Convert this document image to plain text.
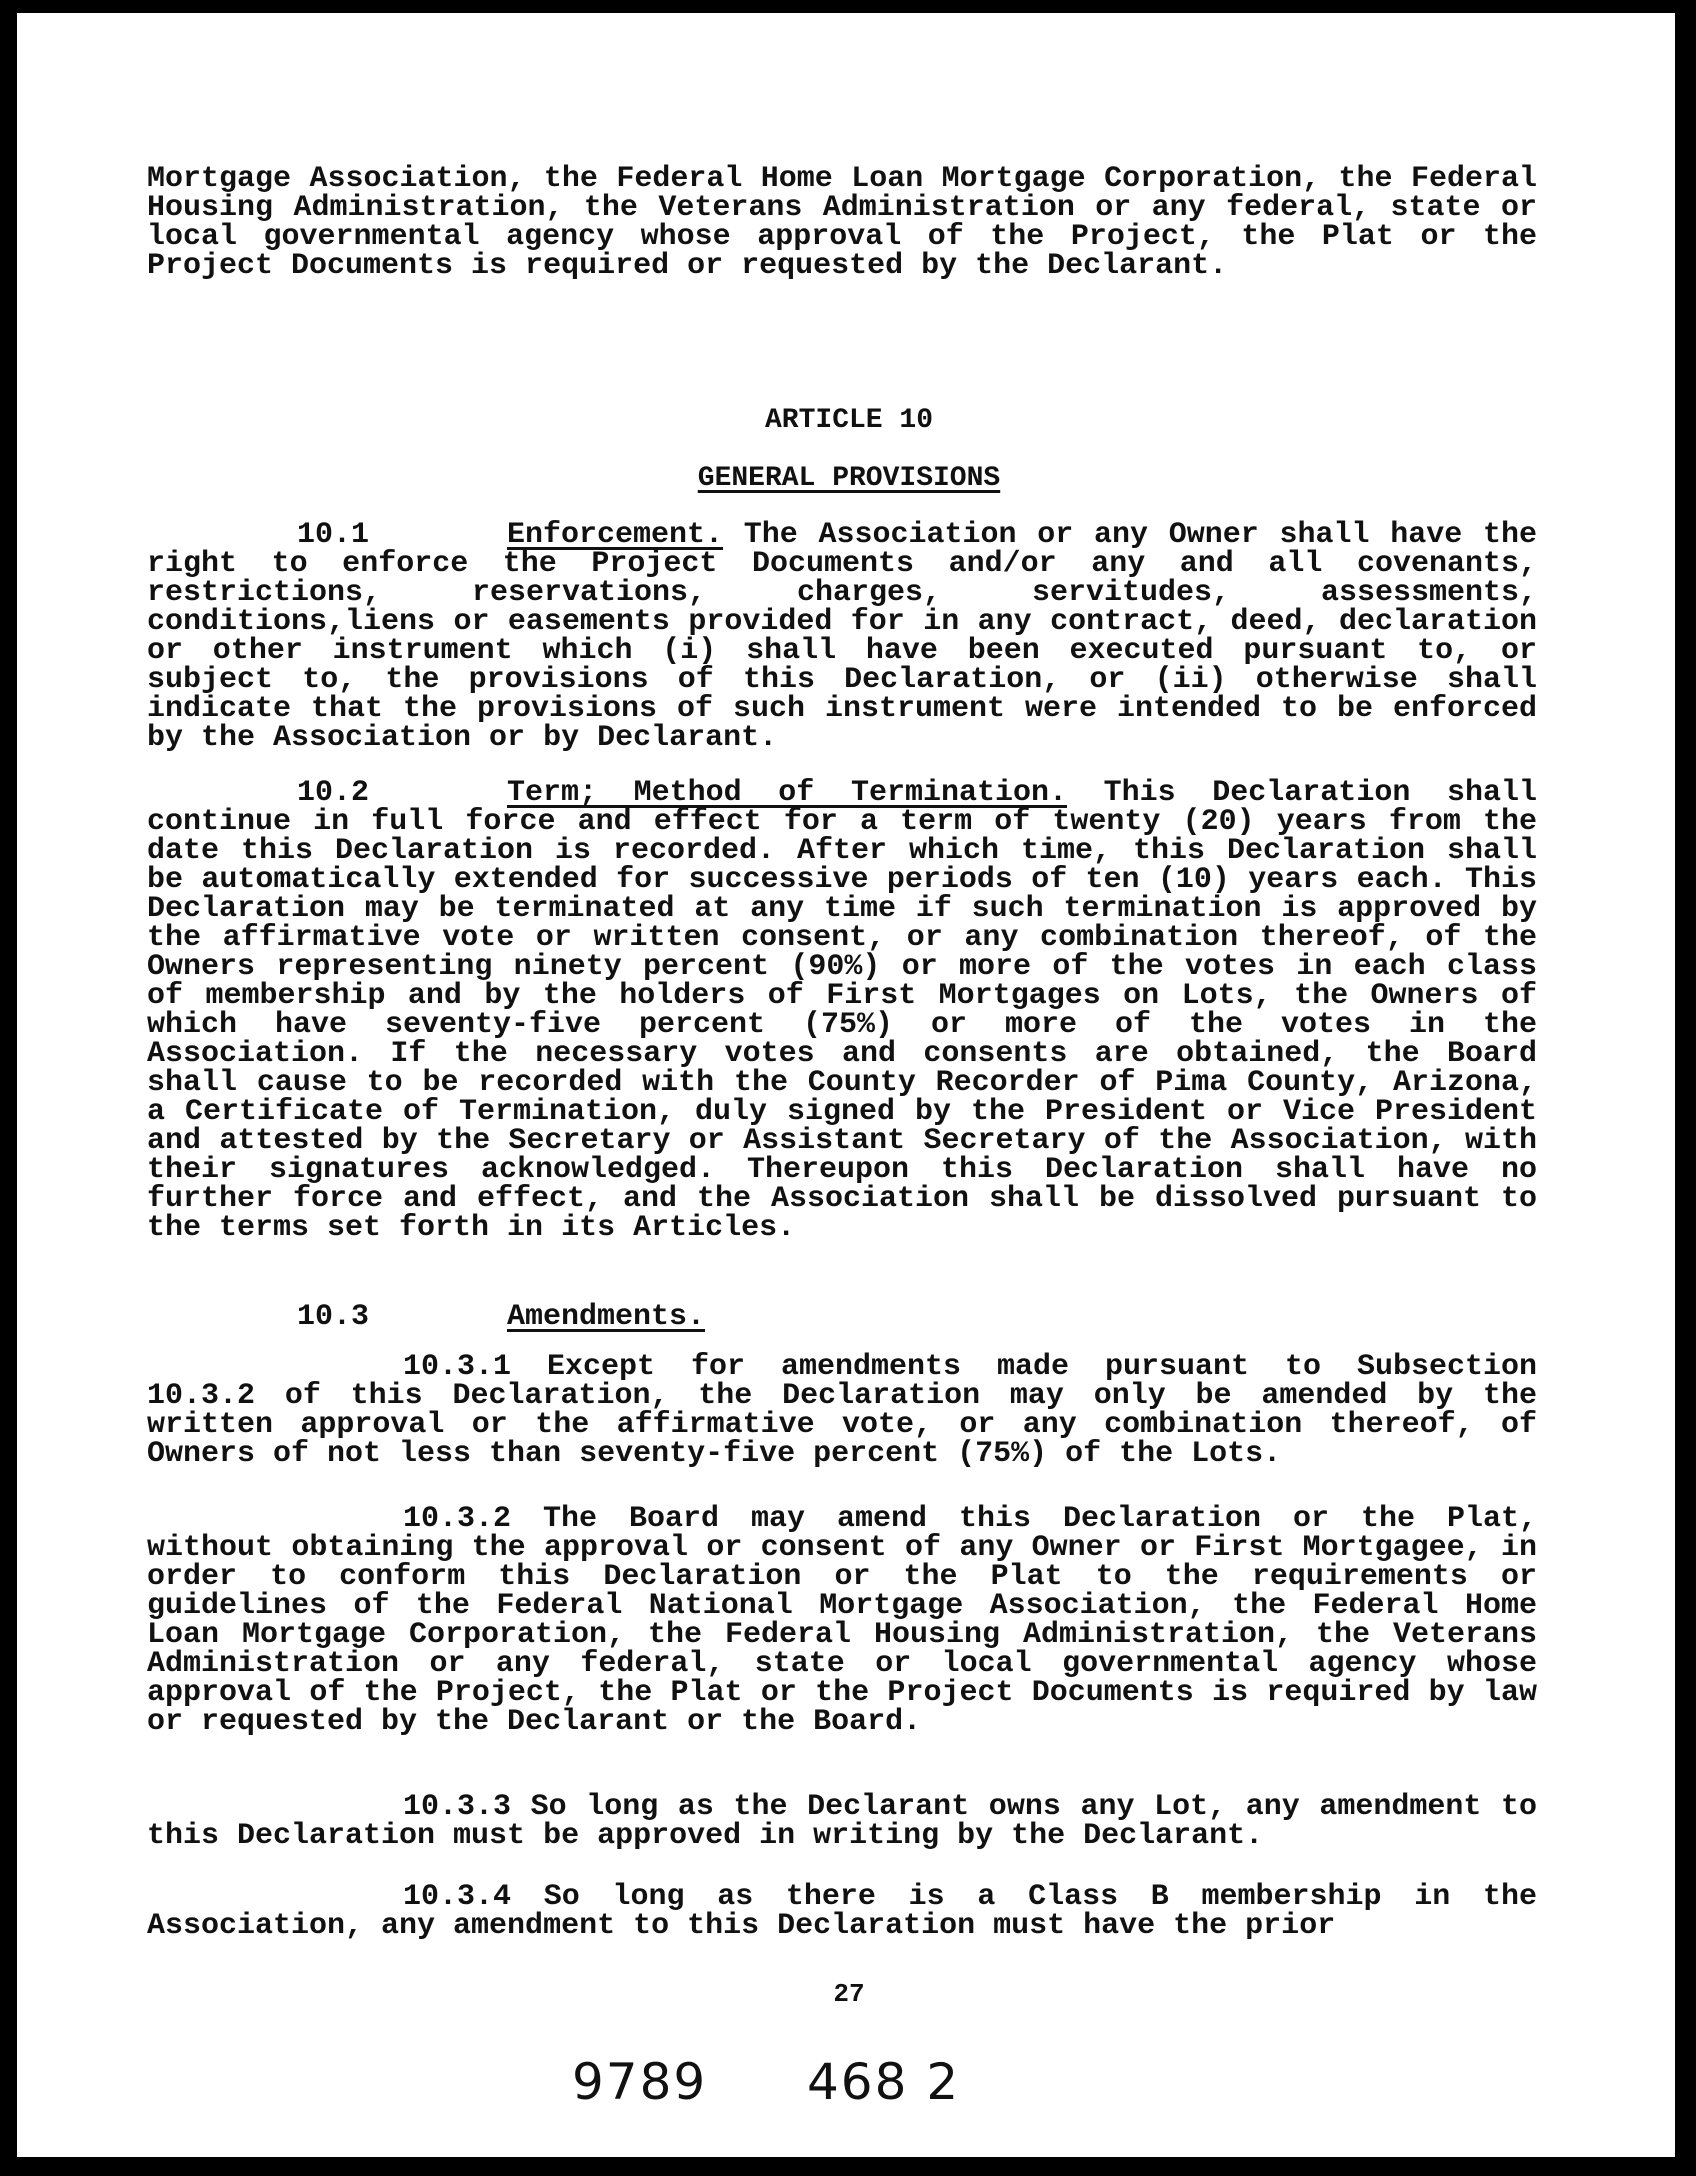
Mortgage Association, the Federal Home Loan Mortgage Corporation, the Federal Housing Administration, the Veterans Administration or any federal, state or local governmental agency whose approval of the Project, the Plat or the Project Documents is required or requested by the Declarant.

ARTICLE 10
GENERAL PROVISIONS

10.1	Enforcement. The Association or any Owner shall have the right to enforce the Project Documents and/or any and all covenants, restrictions, reservations, charges, servitudes, assessments, conditions,liens or easements provided for in any contract, deed, declaration or other instrument which (i) shall have been executed pursuant to, or subject to, the provisions of this Declaration, or (ii) otherwise shall indicate that the provisions of such instrument were intended to be enforced by the Association or by Declarant.

10.2	Term; Method of Termination. This Declaration shall continue in full force and effect for a term of twenty (20) years from the date this Declaration is recorded. After which time, this Declaration shall be automatically extended for successive periods of ten (10) years each. This Declaration may be terminated at any time if such termination is approved by the affirmative vote or written consent, or any combination thereof, of the Owners representing ninety percent (90%) or more of the votes in each class of membership and by the holders of First Mortgages on Lots, the Owners of which have seventy-five percent (75%) or more of the votes in the Association. If the necessary votes and consents are obtained, the Board shall cause to be recorded with the County Recorder of Pima County, Arizona, a Certificate of Termination, duly signed by the President or Vice President and attested by the Secretary or Assistant Secretary of the Association, with their signatures acknowledged. Thereupon this Declaration shall have no further force and effect, and the Association shall be dissolved pursuant to the terms set forth in its Articles.

10.3	Amendments.

10.3.1 Except for amendments made pursuant to Subsection 10.3.2 of this Declaration, the Declaration may only be amended by the written approval or the affirmative vote, or any combination thereof, of Owners of not less than seventy-five percent (75%) of the Lots.

10.3.2 The Board may amend this Declaration or the Plat, without obtaining the approval or consent of any Owner or First Mortgagee, in order to conform this Declaration or the Plat to the requirements or guidelines of the Federal National Mortgage Association, the Federal Home Loan Mortgage Corporation, the Federal Housing Administration, the Veterans Administration or any federal, state or local governmental agency whose approval of the Project, the Plat or the Project Documents is required by law or requested by the Declarant or the Board.

10.3.3 So long as the Declarant owns any Lot, any amendment to this Declaration must be approved in writing by the Declarant.

10.3.4 So long as there is a Class B membership in the Association, any amendment to this Declaration must have the prior

27
9789 468 2
